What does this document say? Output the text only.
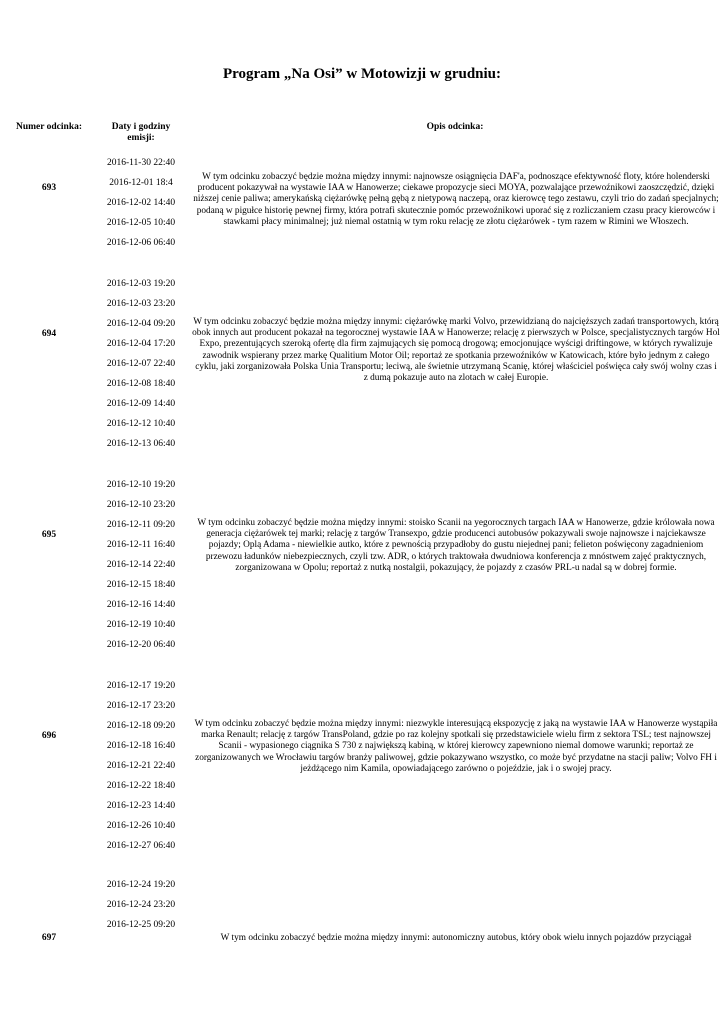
Program „Na Osi” w Motowizji w grudniu:
Numer odcinka:	Daty i godziny emisji:
Opis odcinka:
693
2016-11-30 22:40
2016-12-01 18:4
2016-12-02 14:40
2016-12-05 10:40
2016-12-06 06:40
W tym odcinku zobaczyć będzie można między innymi: najnowsze osiągnięcia DAF'a, podnoszące efektywność floty, które holenderski producent pokazywał na wystawie IAA w Hanowerze; ciekawe propozycje sieci MOYA, pozwalające przewoźnikowi zaoszczędzić, dzięki niższej cenie paliwa; amerykańską ciężarówkę pełną gębą z nietypową naczepą, oraz kierowcę tego zestawu, czyli trio do zadań specjalnych; podaną w pigułce historię pewnej firmy, która potrafi skutecznie pomóc przewoźnikowi uporać się z rozliczaniem czasu pracy kierowców i stawkami płacy minimalnej; już niemal ostatnią w tym roku relację ze złotu ciężarówek - tym razem w Rimini we Włoszech.
694
2016-12-03 19:20
2016-12-03 23:20
2016-12-04 09:20
2016-12-04 17:20
2016-12-07 22:40
2016-12-08 18:40
2016-12-09 14:40
2016-12-12 10:40
2016-12-13 06:40
W tym odcinku zobaczyć będzie można między innymi: ciężarówkę marki Volvo, przewidzianą do najcięższych zadań transportowych, którą obok innych aut producent pokazał na tegorocznej wystawie IAA w Hanowerze; relację z pierwszych w Polsce, specjalistycznych targów Hol Expo, prezentujących szeroką ofertę dla firm zajmujących się pomocą drogową; emocjonujące wyścigi driftingowe, w których rywalizuje zawodnik wspierany przez markę Qualitium Motor Oil; reportaż ze spotkania przewoźników w Katowicach, które było jednym z całego cyklu, jaki zorganizowała Polska Unia Transportu; leciwą, ale świetnie utrzymaną Scanię, której właściciel poświęca cały swój wolny czas i z dumą pokazuje auto na zlotach w całej Europie.
695
2016-12-10 19:20
2016-12-10 23:20
2016-12-11 09:20
2016-12-11 16:40
2016-12-14 22:40
2016-12-15 18:40
2016-12-16 14:40
2016-12-19 10:40
2016-12-20 06:40
W tym odcinku zobaczyć będzie można między innymi: stoisko Scanii na yegorocznych targach IAA w Hanowerze, gdzie królowała nowa generacja ciężarówek tej marki; relację z targów Transexpo, gdzie producenci autobusów pokazywali swoje najnowsze i najciekawsze pojazdy; Oplą Adama - niewielkie autko, które z pewnością przypadłoby do gustu niejednej pani; felieton poświęcony zagadnieniom przewozu ładunków niebezpiecznych, czyli tzw. ADR, o których traktowała dwudniowa konferencja z mnóstwem zajęć praktycznych, zorganizowana w Opolu; reportaż z nutką nostalgii, pokazujący, że pojazdy z czasów PRL-u nadal są w dobrej formie.
696
2016-12-17 19:20
2016-12-17 23:20
2016-12-18 09:20
2016-12-18 16:40
2016-12-21 22:40
2016-12-22 18:40
2016-12-23 14:40
2016-12-26 10:40
2016-12-27 06:40
W tym odcinku zobaczyć będzie można między innymi: niezwykle interesującą ekspozycję z jaką na wystawie IAA w Hanowerze wystąpiła marka Renault; relację z targów TransPoland, gdzie po raz kolejny spotkali się przedstawiciele wielu firm z sektora TSL; test najnowszej Scanii - wypasionego ciągnika S 730 z największą kabiną, w której kierowcy zapewniono niemal domowe warunki; reportaż ze zorganizowanych we Wrocławiu targów branży paliwowej, gdzie pokazywano wszystko, co może być przydatne na stacji paliw; Volvo FH i jeżdżącego nim Kamila, opowiadającego zarówno o pojeździe, jak i o swojej pracy.
697
2016-12-24 19:20
2016-12-24 23:20
2016-12-25 09:20
W tym odcinku zobaczyć będzie można między innymi: autonomiczny autobus, który obok wielu innych pojazdów przyciągał
